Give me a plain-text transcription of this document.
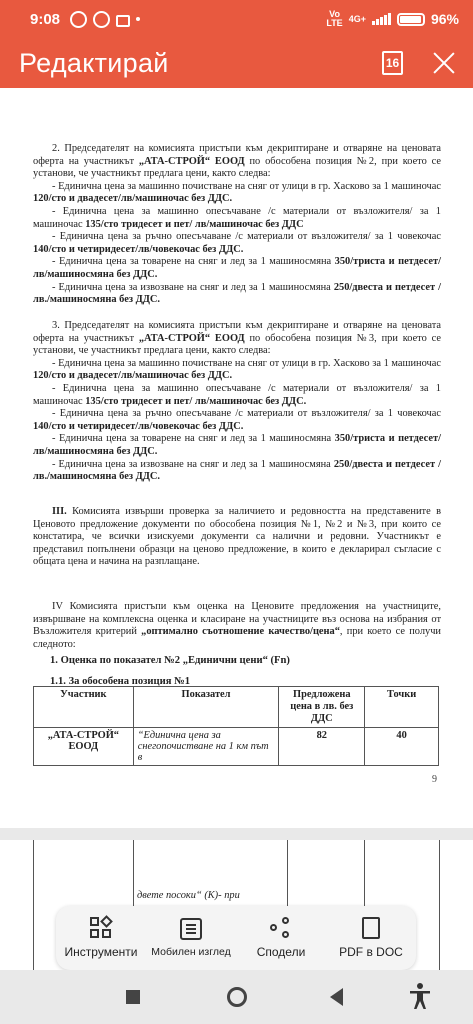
9:08	Vo
LTE 4G+	96%
Редактирай	16

2. Председателят на комисията пристъпи към декриптиране и отваряне на ценовата оферта на участникът „АТА-СТРОЙ“ ЕООД по обособена позиция №2, при което се установи, че участникът предлага цени, както следва:

- Единична цена за машинно почистване на сняг от улици в гр. Хасково за 1 машиночас 120/сто и двадесет/лв/машиночас без ДДС.

- Единична цена за машинно опесъчаване /с материали от възложителя/ за 1 машиночас 135/сто тридесет и пет/ лв/машиночас без ДДС

- Единична цена за ръчно опесъчаване /с материали от възложителя/ за 1 човекочас 140/сто и четиридесет/лв/човекочас без ДДС.

- Единична цена за товарене на сняг и лед за 1 машиносмяна 350/триста и петдесет/лв/машиносмяна без ДДС.

- Единична цена за извозване на сняг и лед за 1 машиносмяна 250/двеста и петдесет /лв./машиносмяна без ДДС.

3. Председателят на комисията пристъпи към декриптиране и отваряне на ценовата оферта на участникът „АТА-СТРОЙ“ ЕООД по обособена позиция №3, при което се установи, че участникът предлага цени, както следва:

- Единична цена за машинно почистване на сняг от улици в гр. Хасково за 1 машиночас 120/сто и двадесет/лв/машиночас без ДДС.

- Единична цена за машинно опесъчаване /с материали от възложителя/ за 1 машиночас 135/сто тридесет и пет/ лв/машиночас без ДДС.

- Единична цена за ръчно опесъчаване /с материали от възложителя/ за 1 човекочас 140/сто и четиридесет/лв/човекочас без ДДС.

- Единична цена за товарене на сняг и лед за 1 машиносмяна 350/триста и петдесет/лв/машиносмяна без ДДС.

- Единична цена за извозване на сняг и лед за 1 машиносмяна 250/двеста и петдесет /лв./машиносмяна без ДДС.

III. Комисията извърши проверка за наличието и редовността на представените в Ценовото предложение документи по обособена позиция №1, №2 и №3, при които се констатира, че всички изискуеми документи са налични и редовни. Участникът е представил попълнени образци на ценово предложение, в които е декларирал съгласие с общата цена и начина на разплащане.

IV Комисията пристъпи към оценка на Ценовите предложения на участниците, извършване на комплексна оценка и класиране на участниците въз основа на избрания от Възложителя критерий „оптимално съотношение качество/цена“, при което се получи следното:

1. Оценка по показател №2 „Единични цени“ (Fn)
1.1. За обособена позиция №1
Участник	Показател	Предложена цена в лв. без ДДС	Точки
„АТА-СТРОЙ“ ЕООД	“Единична цена за снегопочистване на 1 км път в	82	40
9
двете посоки“ (К)- при
Инструменти Мобилен изглед Сподели	PDF в DOC
